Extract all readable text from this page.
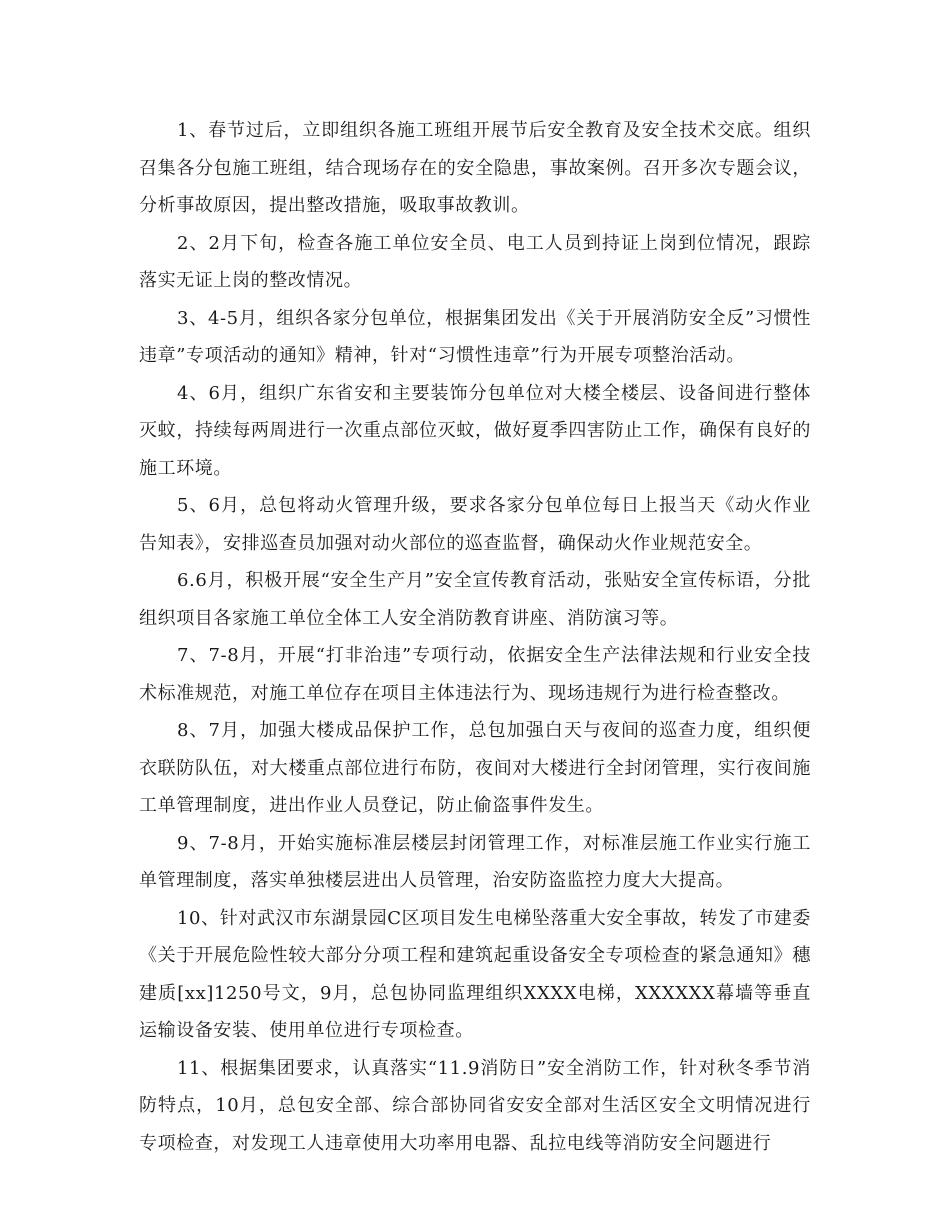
1、春节过后，立即组织各施工班组开展节后安全教育及安全技术交底。组织召集各分包施工班组，结合现场存在的安全隐患，事故案例。召开多次专题会议，分析事故原因，提出整改措施，吸取事故教训。

2、2月下旬，检查各施工单位安全员、电工人员到持证上岗到位情况，跟踪落实无证上岗的整改情况。

3、4-5月，组织各家分包单位，根据集团发出《关于开展消防安全反”习惯性违章”专项活动的通知》精神，针对“习惯性违章”行为开展专项整治活动。

4、6月，组织广东省安和主要装饰分包单位对大楼全楼层、设备间进行整体灭蚊，持续每两周进行一次重点部位灭蚊，做好夏季四害防止工作，确保有良好的施工环境。

5、6月，总包将动火管理升级，要求各家分包单位每日上报当天《动火作业告知表》，安排巡查员加强对动火部位的巡查监督，确保动火作业规范安全。

6.6月，积极开展“安全生产月”安全宣传教育活动，张贴安全宣传标语，分批组织项目各家施工单位全体工人安全消防教育讲座、消防演习等。

7、7-8月，开展“打非治违”专项行动，依据安全生产法律法规和行业安全技术标准规范，对施工单位存在项目主体违法行为、现场违规行为进行检查整改。

8、7月，加强大楼成品保护工作，总包加强白天与夜间的巡查力度，组织便衣联防队伍，对大楼重点部位进行布防，夜间对大楼进行全封闭管理，实行夜间施工单管理制度，进出作业人员登记，防止偷盗事件发生。

9、7-8月，开始实施标准层楼层封闭管理工作，对标准层施工作业实行施工单管理制度，落实单独楼层进出人员管理，治安防盗监控力度大大提高。

10、针对武汉市东湖景园C区项目发生电梯坠落重大安全事故，转发了市建委《关于开展危险性较大部分分项工程和建筑起重设备安全专项检查的紧急通知》穗建质[xx]1250号文，9月，总包协同监理组织XXXX电梯，XXXXXX幕墙等垂直运输设备安装、使用单位进行专项检查。

11、根据集团要求，认真落实“11.9消防日”安全消防工作，针对秋冬季节消防特点，10月，总包安全部、综合部协同省安安全部对生活区安全文明情况进行专项检查，对发现工人违章使用大功率用电器、乱拉电线等消防安全问题进行
